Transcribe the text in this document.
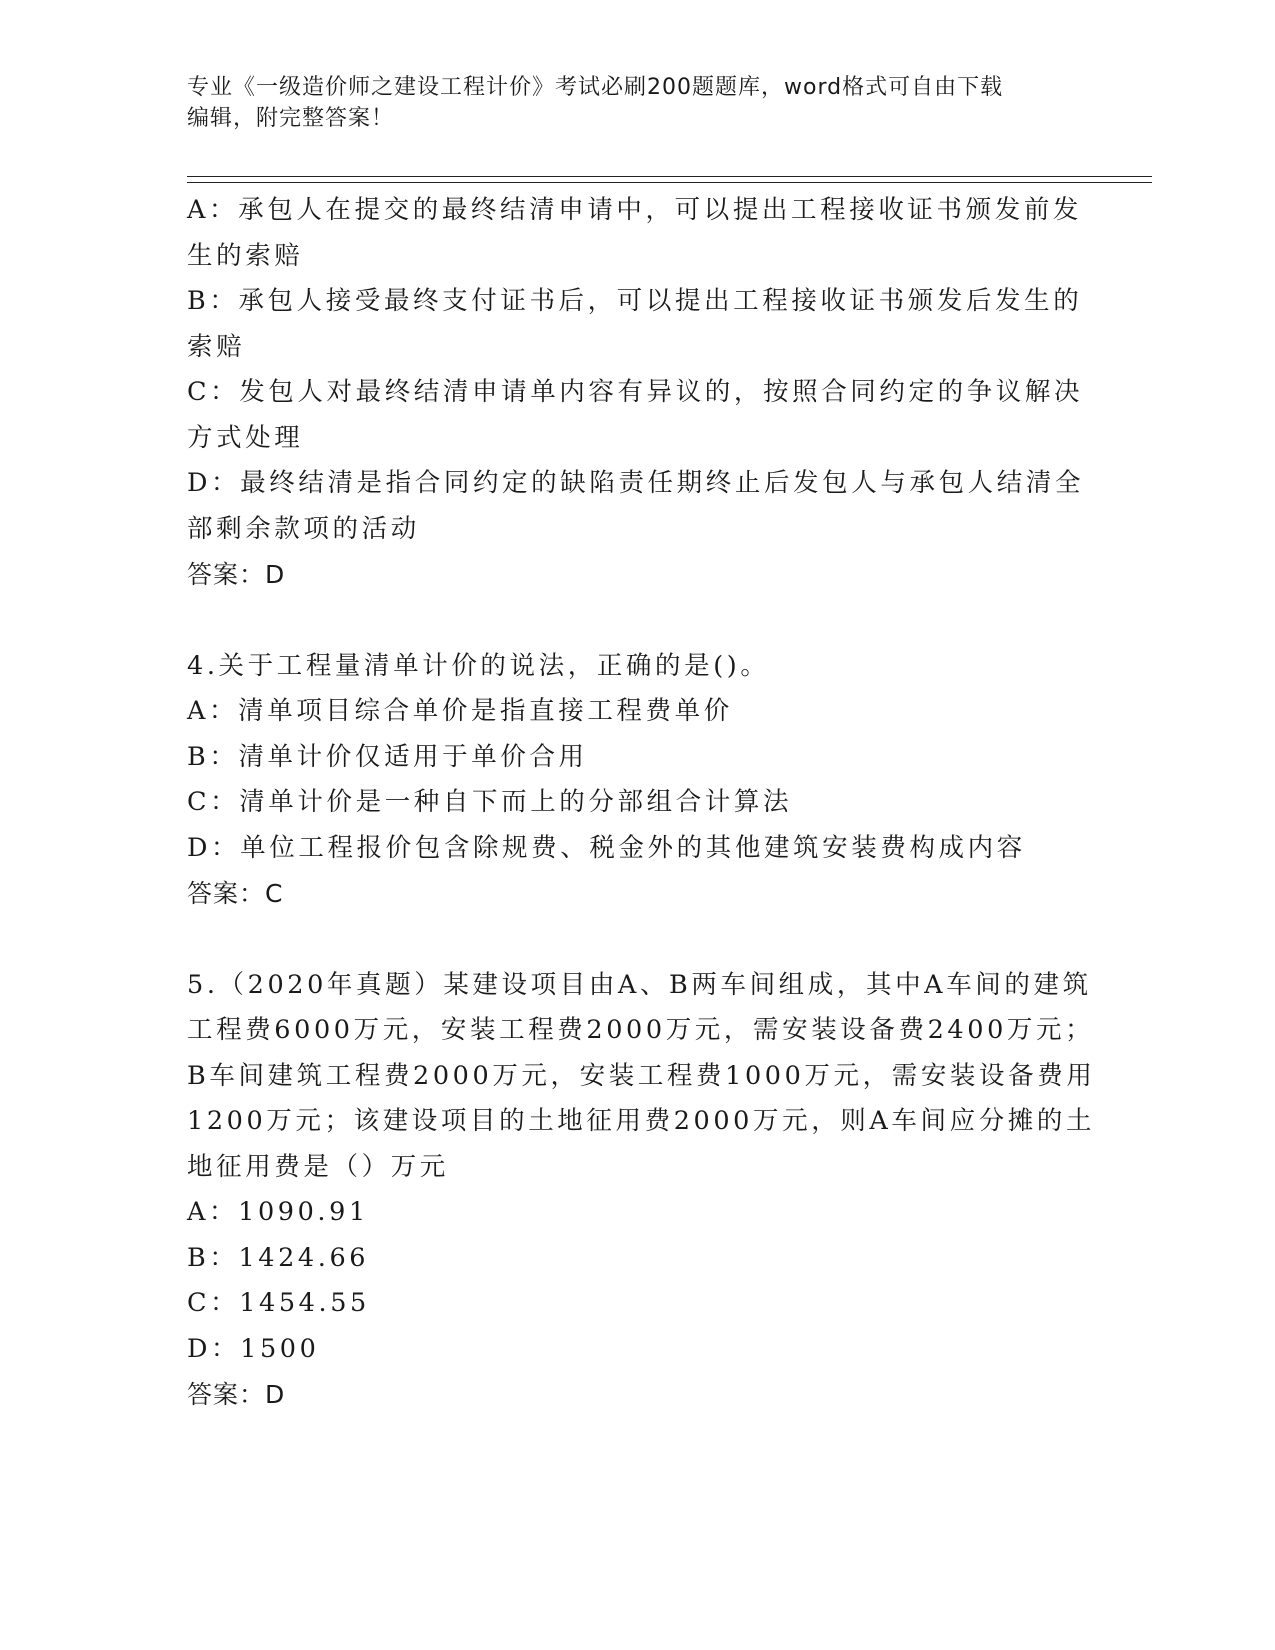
专业《一级造价师之建设工程计价》考试必刷200题题库，word格式可自由下载
编辑，附完整答案！
A：承包人在提交的最终结清申请中，可以提出工程接收证书颁发前发
生的索赔
B：承包人接受最终支付证书后，可以提出工程接收证书颁发后发生的
索赔
C：发包人对最终结清申请单内容有异议的，按照合同约定的争议解决
方式处理
D：最终结清是指合同约定的缺陷责任期终止后发包人与承包人结清全
部剩余款项的活动
答案：D
4.关于工程量清单计价的说法，正确的是()。
A：清单项目综合单价是指直接工程费单价
B：清单计价仅适用于单价合用
C：清单计价是一种自下而上的分部组合计算法
D：单位工程报价包含除规费、税金外的其他建筑安装费构成内容
答案：C
5.（2020年真题）某建设项目由A、B两车间组成，其中A车间的建筑
工程费6000万元，安装工程费2000万元，需安装设备费2400万元；
B车间建筑工程费2000万元，安装工程费1000万元，需安装设备费用
1200万元；该建设项目的土地征用费2000万元，则A车间应分摊的土
地征用费是（）万元
A：1090.91
B：1424.66
C：1454.55
D：1500
答案：D
